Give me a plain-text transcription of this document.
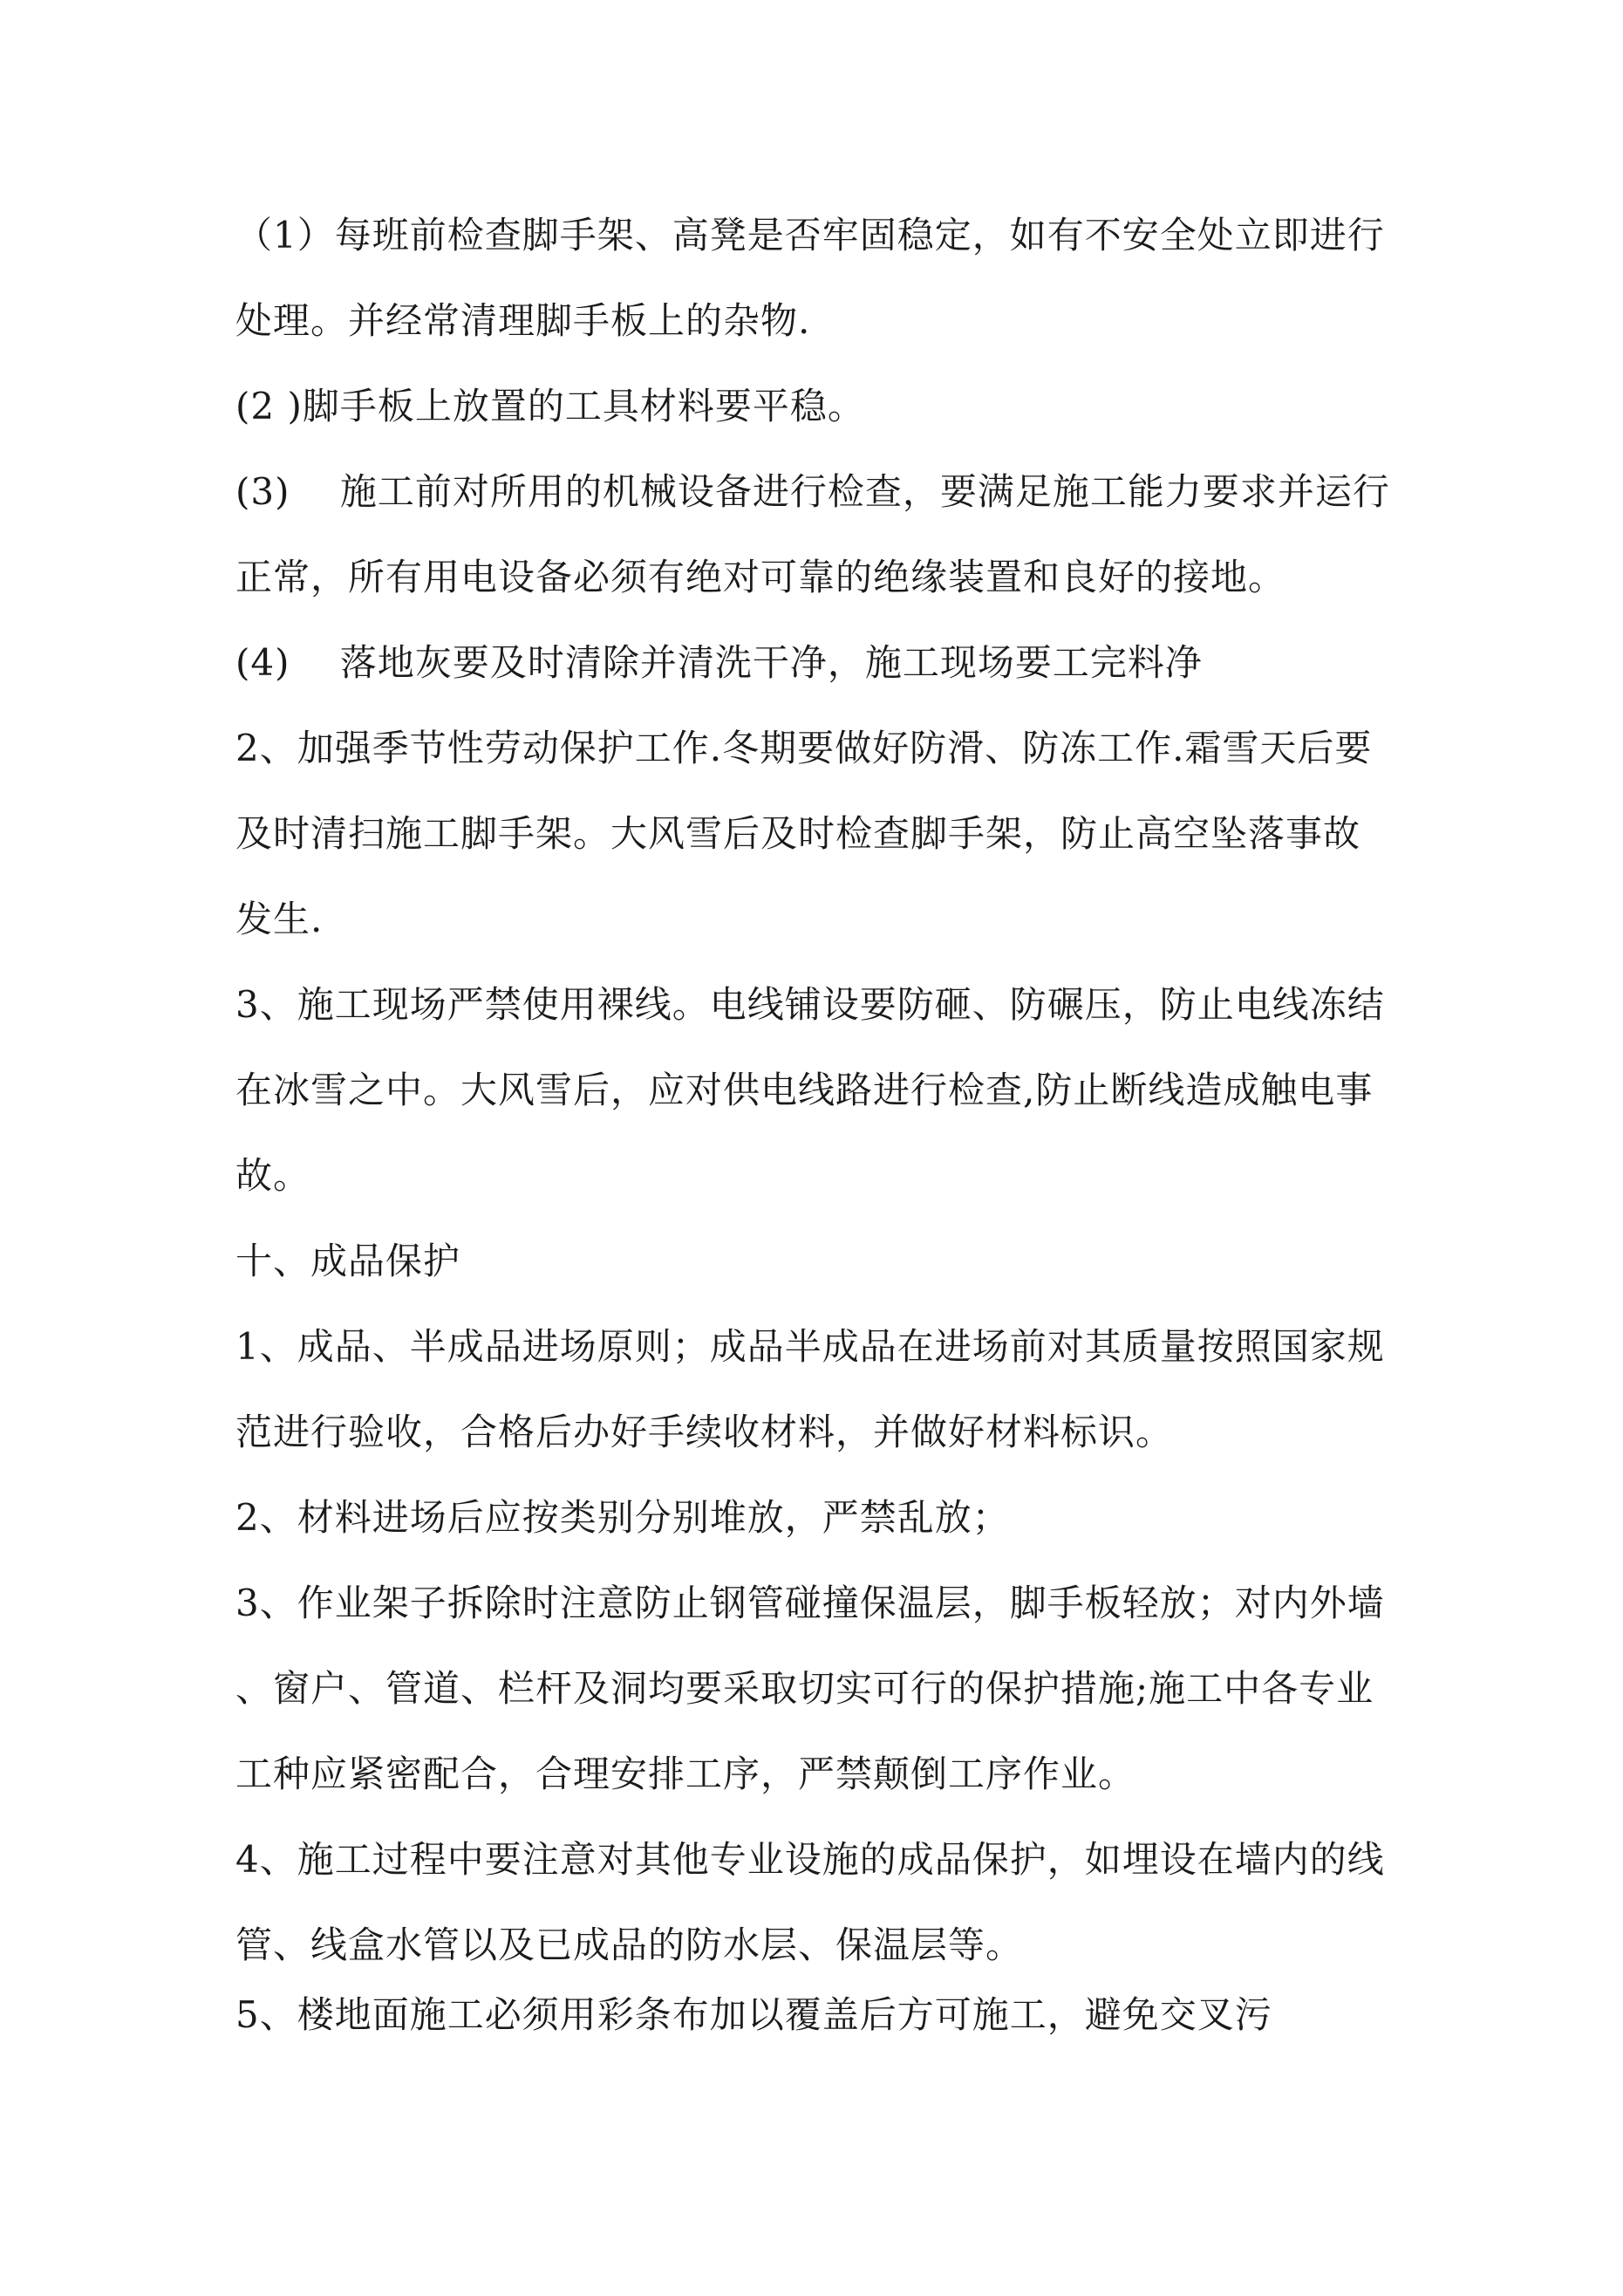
（1）每班前检查脚手架、高凳是否牢固稳定，如有不安全处立即进行
处理。并经常清理脚手板上的杂物.
(2 )脚手板上放置的工具材料要平稳。
(3)　 施工前对所用的机械设备进行检查，要满足施工能力要求并运行
正常，所有用电设备必须有绝对可靠的绝缘装置和良好的接地。
(4)　 落地灰要及时清除并清洗干净，施工现场要工完料净
2、加强季节性劳动保护工作.冬期要做好防滑、防冻工作.霜雪天后要
及时清扫施工脚手架。大风雪后及时检查脚手架，防止高空坠落事故
发生.
3、施工现场严禁使用裸线。电线铺设要防砸、防碾压，防止电线冻结
在冰雪之中。大风雪后，应对供电线路进行检查,防止断线造成触电事
故。
十、成品保护
1、成品、半成品进场原则；成品半成品在进场前对其质量按照国家规
范进行验收，合格后办好手续收材料，并做好材料标识。
2、材料进场后应按类别分别堆放，严禁乱放；
3、作业架子拆除时注意防止钢管碰撞保温层，脚手板轻放；对内外墙
、窗户、管道、栏杆及洞均要采取切实可行的保护措施;施工中各专业
工种应紧密配合，合理安排工序，严禁颠倒工序作业。
4、施工过程中要注意对其他专业设施的成品保护，如埋设在墙内的线
管、线盒水管以及已成品的防水层、保温层等。
5、楼地面施工必须用彩条布加以覆盖后方可施工，避免交叉污
